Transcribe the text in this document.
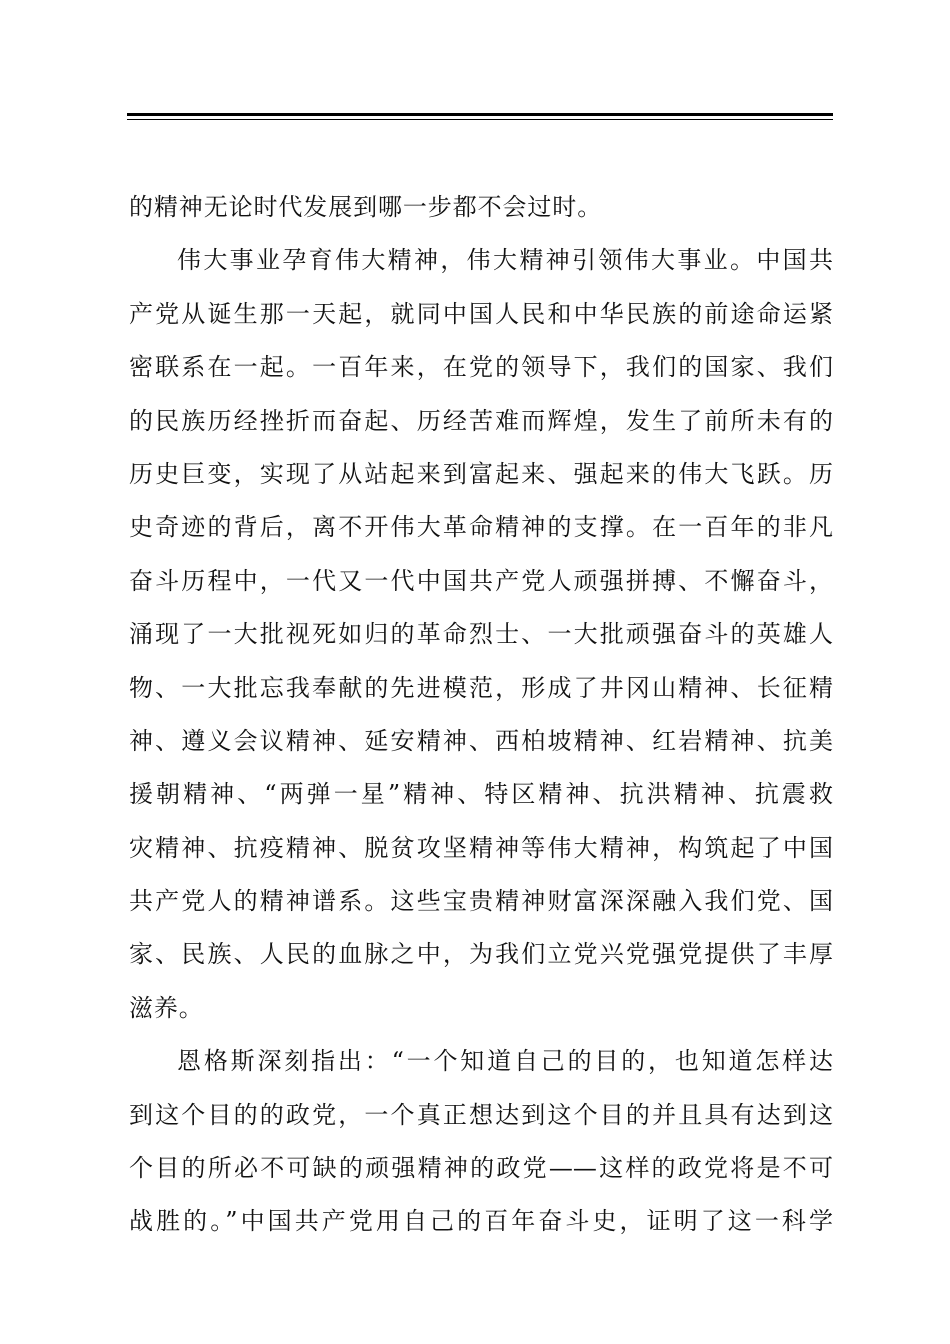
的精神无论时代发展到哪一步都不会过时。
伟大事业孕育伟大精神，伟大精神引领伟大事业。中国共
产党从诞生那一天起，就同中国人民和中华民族的前途命运紧
密联系在一起。一百年来，在党的领导下，我们的国家、我们
的民族历经挫折而奋起、历经苦难而辉煌，发生了前所未有的
历史巨变，实现了从站起来到富起来、强起来的伟大飞跃。历
史奇迹的背后，离不开伟大革命精神的支撑。在一百年的非凡
奋斗历程中，一代又一代中国共产党人顽强拼搏、不懈奋斗，
涌现了一大批视死如归的革命烈士、一大批顽强奋斗的英雄人
物、一大批忘我奉献的先进模范，形成了井冈山精神、长征精
神、遵义会议精神、延安精神、西柏坡精神、红岩精神、抗美
援朝精神、“两弹一星”精神、特区精神、抗洪精神、抗震救
灾精神、抗疫精神、脱贫攻坚精神等伟大精神，构筑起了中国
共产党人的精神谱系。这些宝贵精神财富深深融入我们党、国
家、民族、人民的血脉之中，为我们立党兴党强党提供了丰厚
滋养。
恩格斯深刻指出：“一个知道自己的目的，也知道怎样达
到这个目的的政党，一个真正想达到这个目的并且具有达到这
个目的所必不可缺的顽强精神的政党——这样的政党将是不可
战胜的。”中国共产党用自己的百年奋斗史，证明了这一科学
